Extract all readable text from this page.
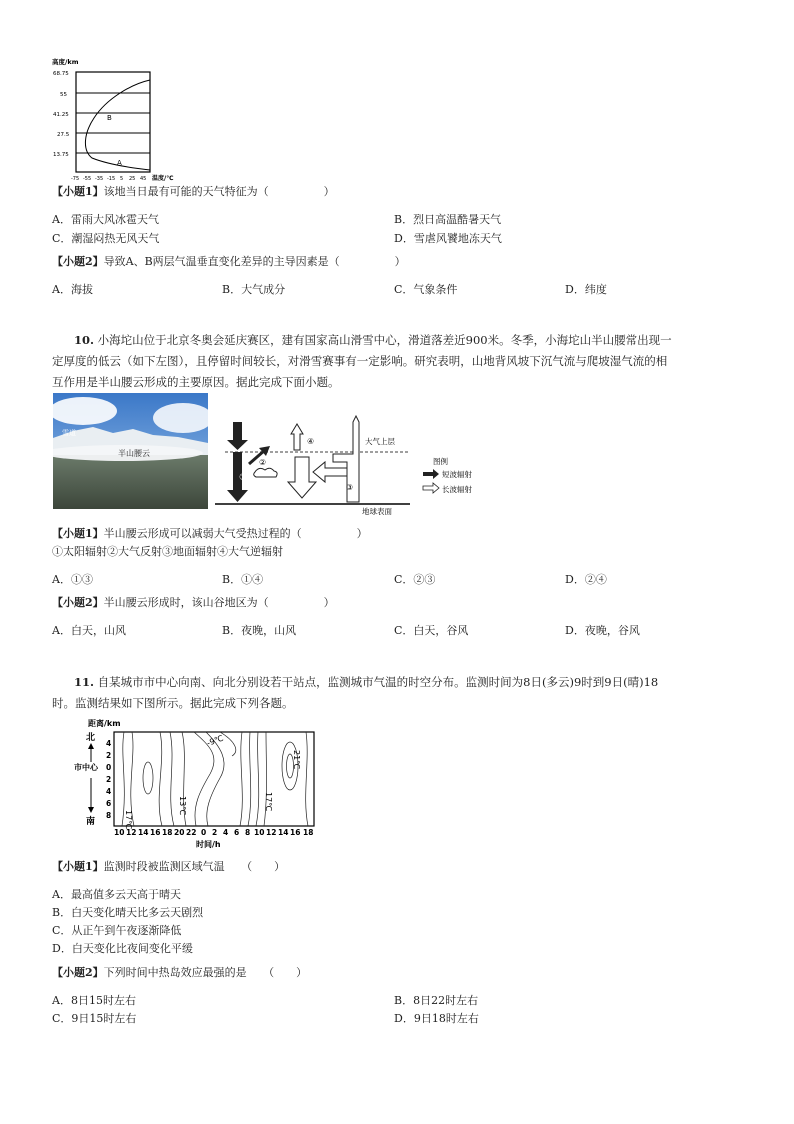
高度/km
68.75
55
41.25
27.5
13.75
B
A
-75 -55 -35 -15 5 25 45 温度/℃
【小题1】该地当日最有可能的天气特征为（　　　　　）
A．雷雨大风冰雹天气	B．烈日高温酷暑天气
C．潮湿闷热无风天气	D．雪虐风饕地冻天气
【小题2】导致A、B两层气温垂直变化差异的主导因素是（　　　　　）
A．海拔	B．大气成分	C．气象条件	D．纬度
10. 小海坨山位于北京冬奥会延庆赛区，建有国家高山滑雪中心，滑道落差近900米。冬季，小海坨山半山腰常出现一
定厚度的低云（如下左图），且停留时间较长，对滑雪赛事有一定影响。研究表明，山地背风坡下沉气流与爬坡湿气流的相
互作用是半山腰云形成的主要原因。据此完成下面小题。
雪道
半山腰云
大气上层
地球表面
①
②
④
③
图例
短波辐射
长波辐射
【小题1】半山腰云形成可以减弱大气受热过程的（　　　　　）
①太阳辐射②大气反射③地面辐射④大气逆辐射
A．①③	B．①④	C．②③	D．②④
【小题2】半山腰云形成时，该山谷地区为（　　　　　）
A．白天，山风	B．夜晚，山风	C．白天，谷风	D．夜晚，谷风
11. 自某城市市中心向南、向北分别设若干站点，监测城市气温的时空分布。监测时间为8日(多云)9时到9日(晴)18
时。监测结果如下图所示。据此完成下列各题。
距离/km
北
市中心
南
4
2
0
2
4
6
8 17℃
-9℃
13℃	17℃
21℃
10 12 14 16 18 20 22 0 2 4 6 8 10 12 14 16 18
时间/h
【小题1】监测时段被监测区域气温　　（　　）
A．最高值多云天高于晴天
B．白天变化晴天比多云天剧烈
C．从正午到午夜逐渐降低
D．白天变化比夜间变化平缓
【小题2】下列时间中热岛效应最强的是　　（　　）
A．8日15时左右	B．8日22时左右
C．9日15时左右	D．9日18时左右
